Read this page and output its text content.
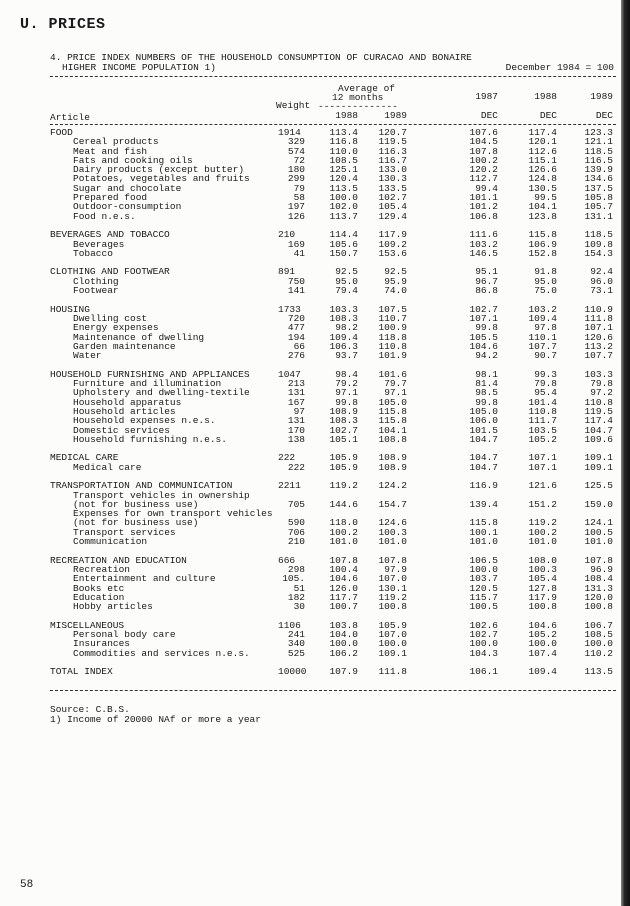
U. PRICES
4. PRICE INDEX NUMBERS OF THE HOUSEHOLD CONSUMPTION OF CURACAO AND BONAIRE
HIGHER INCOME POPULATION 1)	December 1984 = 100
Average of
12 months
--------------
Weight
1987	1988	1989
Article	1988	1989	DEC	DEC	DEC
FOOD	1914	113.4 120.7	107.6	117.4	123.3
Cereal products	329	116.8 119.5	104.5	120.1	121.1
Meat and fish	574	110.0 116.3	107.8	112.6	118.5
Fats and cooking oils	72	108.5 116.7	100.2	115.1	116.5
Dairy products (except butter)	180	125.1 133.0	120.2	126.6	139.9
Potatoes, vegetables and fruits	299	120.4 130.3	112.7	124.8	134.6
Sugar and chocolate	79	113.5 133.5	99.4	130.5	137.5
Prepared food	58	100.0 102.7	101.1	99.5	105.8
Outdoor-consumption	197	102.0 105.4	101.2	104.1	105.7
Food n.e.s.	126	113.7 129.4	106.8	123.8	131.1
BEVERAGES AND TOBACCO	210	114.4 117.9	111.6	115.8	118.5
Beverages	169	105.6 109.2	103.2	106.9	109.8
Tobacco	41	150.7 153.6	146.5	152.8	154.3
CLOTHING AND FOOTWEAR	891	92.5	92.5	95.1	91.8	92.4
Clothing	750	95.0	95.9	96.7	95.0	96.0
Footwear	141	79.4	74.0	86.8	75.0	73.1
HOUSING	1733	103.3 107.5	102.7	103.2	110.9
Dwelling cost	720	108.3 110.7	107.1	109.4	111.8
Energy expenses	477	98.2 100.9	99.8	97.8	107.1
Maintenance of dwelling	194	109.4 118.8	105.5	110.1	120.6
Garden maintenance	66	106.3 110.8	104.6	107.7	113.2
Water	276	93.7 101.9	94.2	90.7	107.7
HOUSEHOLD FURNISHING AND APPLIANCES	1047	98.4 101.6	98.1	99.3	103.3
Furniture and illumination	213	79.2	79.7	81.4	79.8	79.8
Upholstery and dwelling-textile	131	97.1	97.1	98.5	95.4	97.2
Household apparatus	167	99.8 105.0	99.8	101.4	110.8
Household articles	97	108.9 115.8	105.0	110.8	119.5
Household expenses n.e.s.	131	108.3 115.8	106.0	111.7	117.4
Domestic services	170	102.7 104.1	101.5	103.5	104.7
Household furnishing n.e.s.	138	105.1 108.8	104.7	105.2	109.6
MEDICAL CARE	222	105.9 108.9	104.7	107.1	109.1
Medical care	222	105.9 108.9	104.7	107.1	109.1
TRANSPORTATION AND COMMUNICATION	2211	119.2 124.2	116.9	121.6	125.5
Transport vehicles in ownership
(not for business use)	705	144.6 154.7	139.4	151.2	159.0
Expenses for own transport vehicles
(not for business use)	590	118.0 124.6	115.8	119.2	124.1
Transport services	706	100.2 100.3	100.1	100.2	100.5
Communication	210	101.0 101.0	101.0	101.0	101.0
RECREATION AND EDUCATION	666	107.8 107.8	106.5	108.0	107.8
Recreation	298	100.4	97.9	100.0	100.3	96.9
Entertainment and culture	105.	104.6 107.0	103.7	105.4	108.4
Books etc	51	126.0 130.1	120.5	127.8	131.3
Education	182	117.7 119.2	115.7	117.9	120.0
Hobby articles	30	100.7 100.8	100.5	100.8	100.8
MISCELLANEOUS	1106	103.8 105.9	102.6	104.6	106.7
Personal body care	241	104.0 107.0	102.7	105.2	108.5
Insurances	340	100.0 100.0	100.0	100.0	100.0
Commodities and services n.e.s.	525	106.2 109.1	104.3	107.4	110.2
TOTAL INDEX	10000 107.9 111.8	106.1	109.4	113.5
Source: C.B.S.
1) Income of 20000 NAf or more a year
58
